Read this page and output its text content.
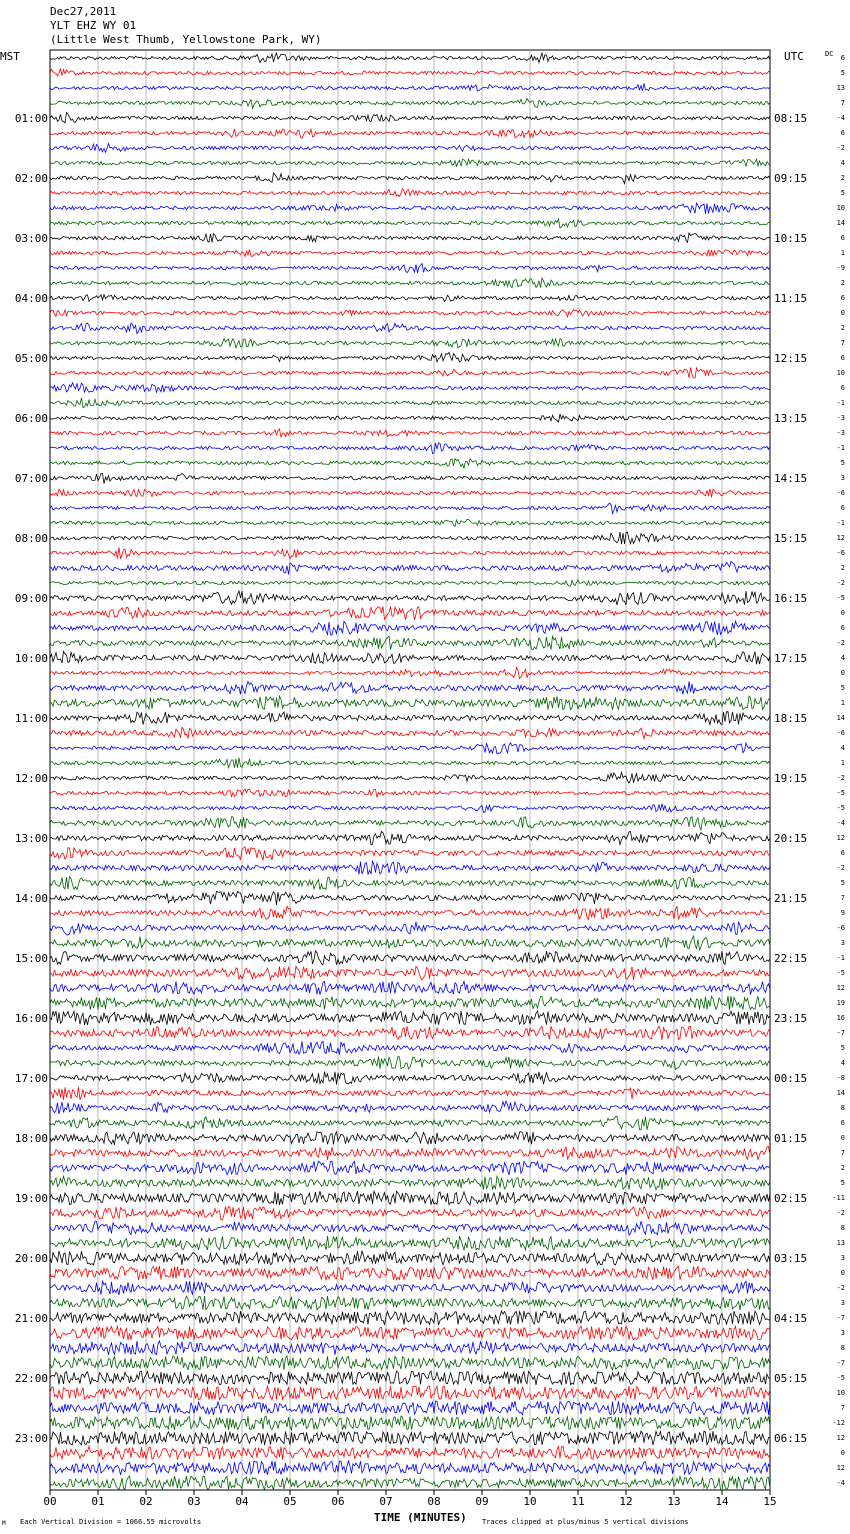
Dec27,2011
YLT EHZ WY 01
(Little West Thumb, Yellowstone Park, WY)
MST	UTC	DC
00	01	02	03	04	05	06	07	08	09	10	11	12	13	14	15
6
5
13
7
-4
6
-2
4
2
5
10
14
6
1
-9
2
6
0
2
7
6
10
6
-1
-3
-3
-1
5
3
-6
6
-1
12
-6
2
-2
-5
0
6
-2
4
0
5
1
14
-6
4
1
-2
-5
-5
-4
12
6
-2
5
7
9
-6
3
-1
-5
12
19
16
-7
5
4
-8
14
8
6
0
7
2
5
-11
-2
8
13
3
0
-2
3
-7
3
8
-7
-5
10
7
-12
12
0
12
-4
01:00	08:15
02:00	09:15
03:00	10:15
04:00	11:15
05:00	12:15
06:00	13:15
07:00	14:15
08:00	15:15
09:00	16:15
10:00	17:15
11:00	18:15
12:00	19:15
13:00	20:15
14:00	21:15
15:00	22:15
16:00	23:15
17:00	00:15
18:00	01:15
19:00	02:15
20:00	03:15
21:00	04:15
22:00	05:15
23:00	06:15
TIME (MINUTES)
Each Vertical Division = 1066.55 microvolts	Traces clipped at plus/minus 5 vertical divisions
M
